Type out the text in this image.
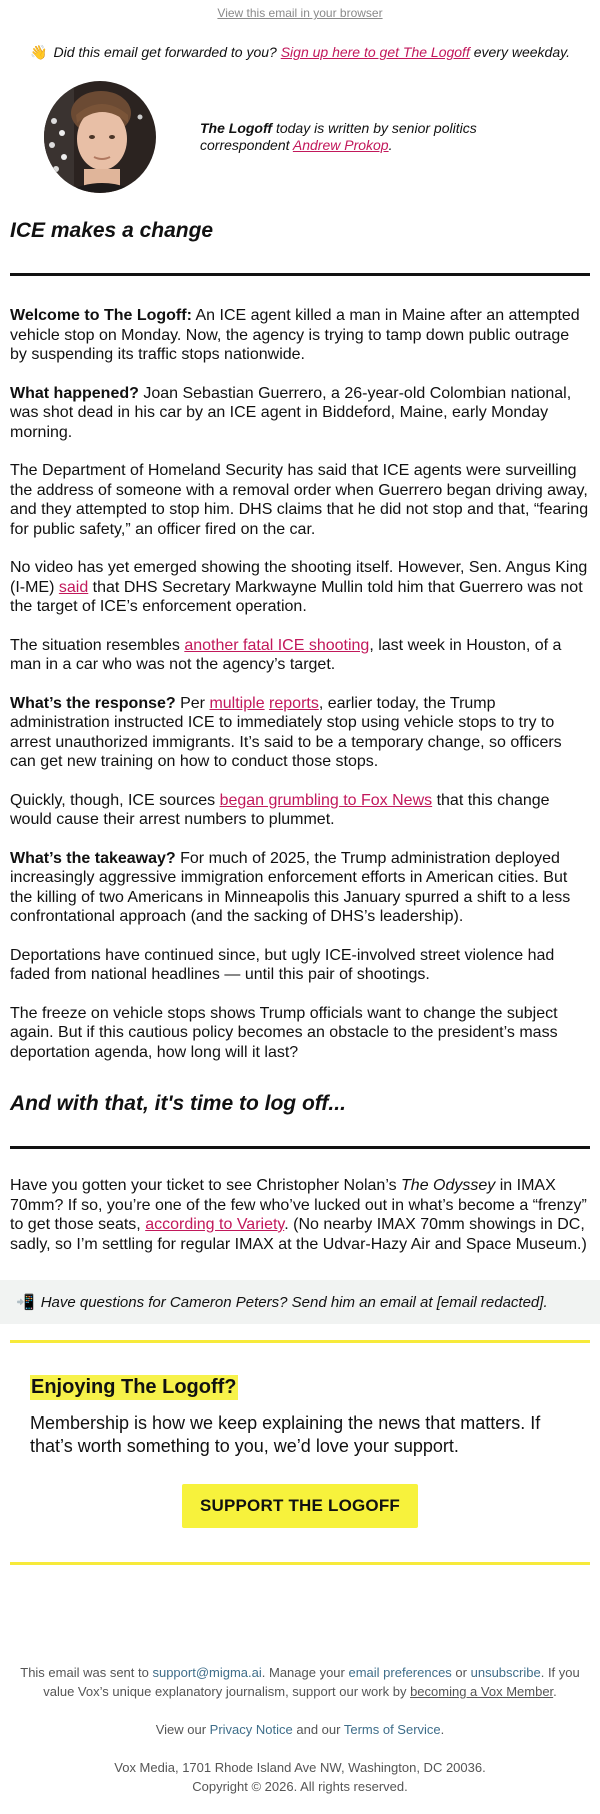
View this email in your browser
👋 Did this email get forwarded to you? Sign up here to get The Logoff every weekday.
The Logoff today is written by senior politics correspondent Andrew Prokop.
ICE makes a change

Welcome to The Logoff: An ICE agent killed a man in Maine after an attempted vehicle stop on Monday. Now, the agency is trying to tamp down public outrage by suspending its traffic stops nationwide.

What happened? Joan Sebastian Guerrero, a 26-year-old Colombian national, was shot dead in his car by an ICE agent in Biddeford, Maine, early Monday morning.

The Department of Homeland Security has said that ICE agents were surveilling the address of someone with a removal order when Guerrero began driving away, and they attempted to stop him. DHS claims that he did not stop and that, “fearing for public safety,” an officer fired on the car.

No video has yet emerged showing the shooting itself. However, Sen. Angus King (I-ME) said that DHS Secretary Markwayne Mullin told him that Guerrero was not the target of ICE’s enforcement operation.

The situation resembles another fatal ICE shooting, last week in Houston, of a man in a car who was not the agency’s target.

What’s the response? Per multiple reports, earlier today, the Trump administration instructed ICE to immediately stop using vehicle stops to try to arrest unauthorized immigrants. It’s said to be a temporary change, so officers can get new training on how to conduct those stops.

Quickly, though, ICE sources began grumbling to Fox News that this change would cause their arrest numbers to plummet.

What’s the takeaway? For much of 2025, the Trump administration deployed increasingly aggressive immigration enforcement efforts in American cities. But the killing of two Americans in Minneapolis this January spurred a shift to a less confrontational approach (and the sacking of DHS’s leadership).

Deportations have continued since, but ugly ICE-involved street violence had faded from national headlines — until this pair of shootings.

The freeze on vehicle stops shows Trump officials want to change the subject again. But if this cautious policy becomes an obstacle to the president’s mass deportation agenda, how long will it last?

And with that, it's time to log off...

Have you gotten your ticket to see Christopher Nolan’s The Odyssey in IMAX 70mm? If so, you’re one of the few who’ve lucked out in what’s become a “frenzy” to get those seats, according to Variety. (No nearby IMAX 70mm showings in DC, sadly, so I’m settling for regular IMAX at the Udvar-Hazy Air and Space Museum.)

📲 Have questions for Cameron Peters? Send him an email at [email redacted].
Enjoying The Logoff?

Membership is how we keep explaining the news that matters. If that’s worth something to you, we’d love your support.

SUPPORT THE LOGOFF
This email was sent to support@migma.ai. Manage your email preferences or unsubscribe. If you value Vox’s unique explanatory journalism, support our work by becoming a Vox Member.
View our Privacy Notice and our Terms of Service.
Vox Media, 1701 Rhode Island Ave NW, Washington, DC 20036.
Copyright © 2026. All rights reserved.
